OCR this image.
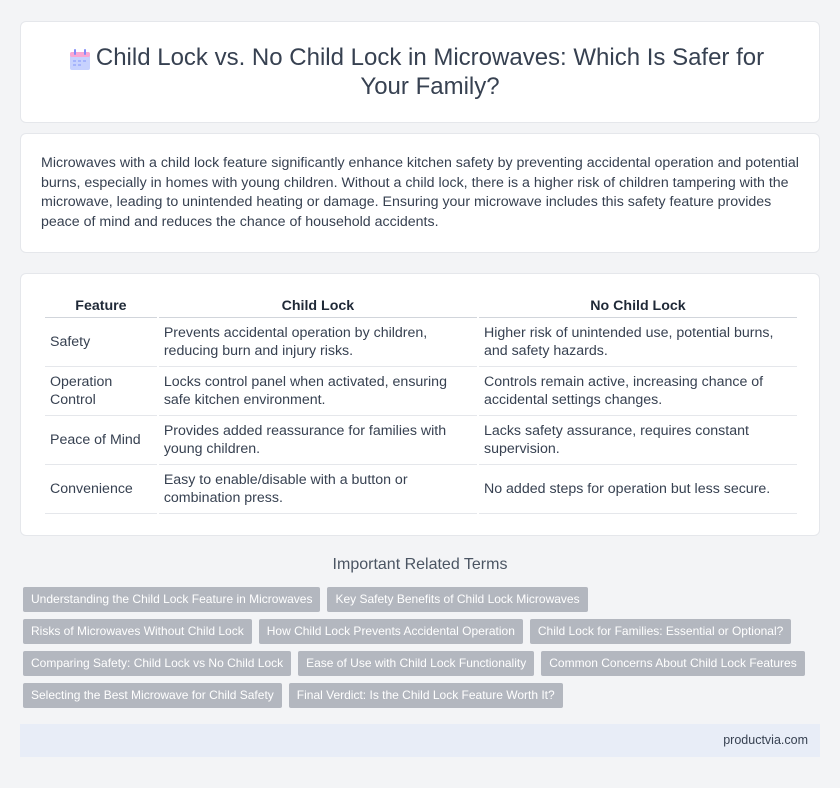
Child Lock vs. No Child Lock in Microwaves: Which Is Safer for Your Family?

Microwaves with a child lock feature significantly enhance kitchen safety by preventing accidental operation and potential burns, especially in homes with young children. Without a child lock, there is a higher risk of children tampering with the microwave, leading to unintended heating or damage. Ensuring your microwave includes this safety feature provides peace of mind and reduces the chance of household accidents.

Feature	Child Lock	No Child Lock
Safety	Prevents accidental operation by children, reducing burn and injury risks.	Higher risk of unintended use, potential burns, and safety hazards.
Operation Control	Locks control panel when activated, ensuring safe kitchen environment.	Controls remain active, increasing chance of accidental settings changes.
Peace of Mind	Provides added reassurance for families with young children.	Lacks safety assurance, requires constant supervision.
Convenience	Easy to enable/disable with a button or combination press.	No added steps for operation but less secure.
Important Related Terms
Understanding the Child Lock Feature in Microwaves	Key Safety Benefits of Child Lock Microwaves
Risks of Microwaves Without Child Lock	How Child Lock Prevents Accidental Operation	Child Lock for Families: Essential or Optional?
Comparing Safety: Child Lock vs No Child Lock	Ease of Use with Child Lock Functionality	Common Concerns About Child Lock Features
Selecting the Best Microwave for Child Safety	Final Verdict: Is the Child Lock Feature Worth It?
productvia.com
